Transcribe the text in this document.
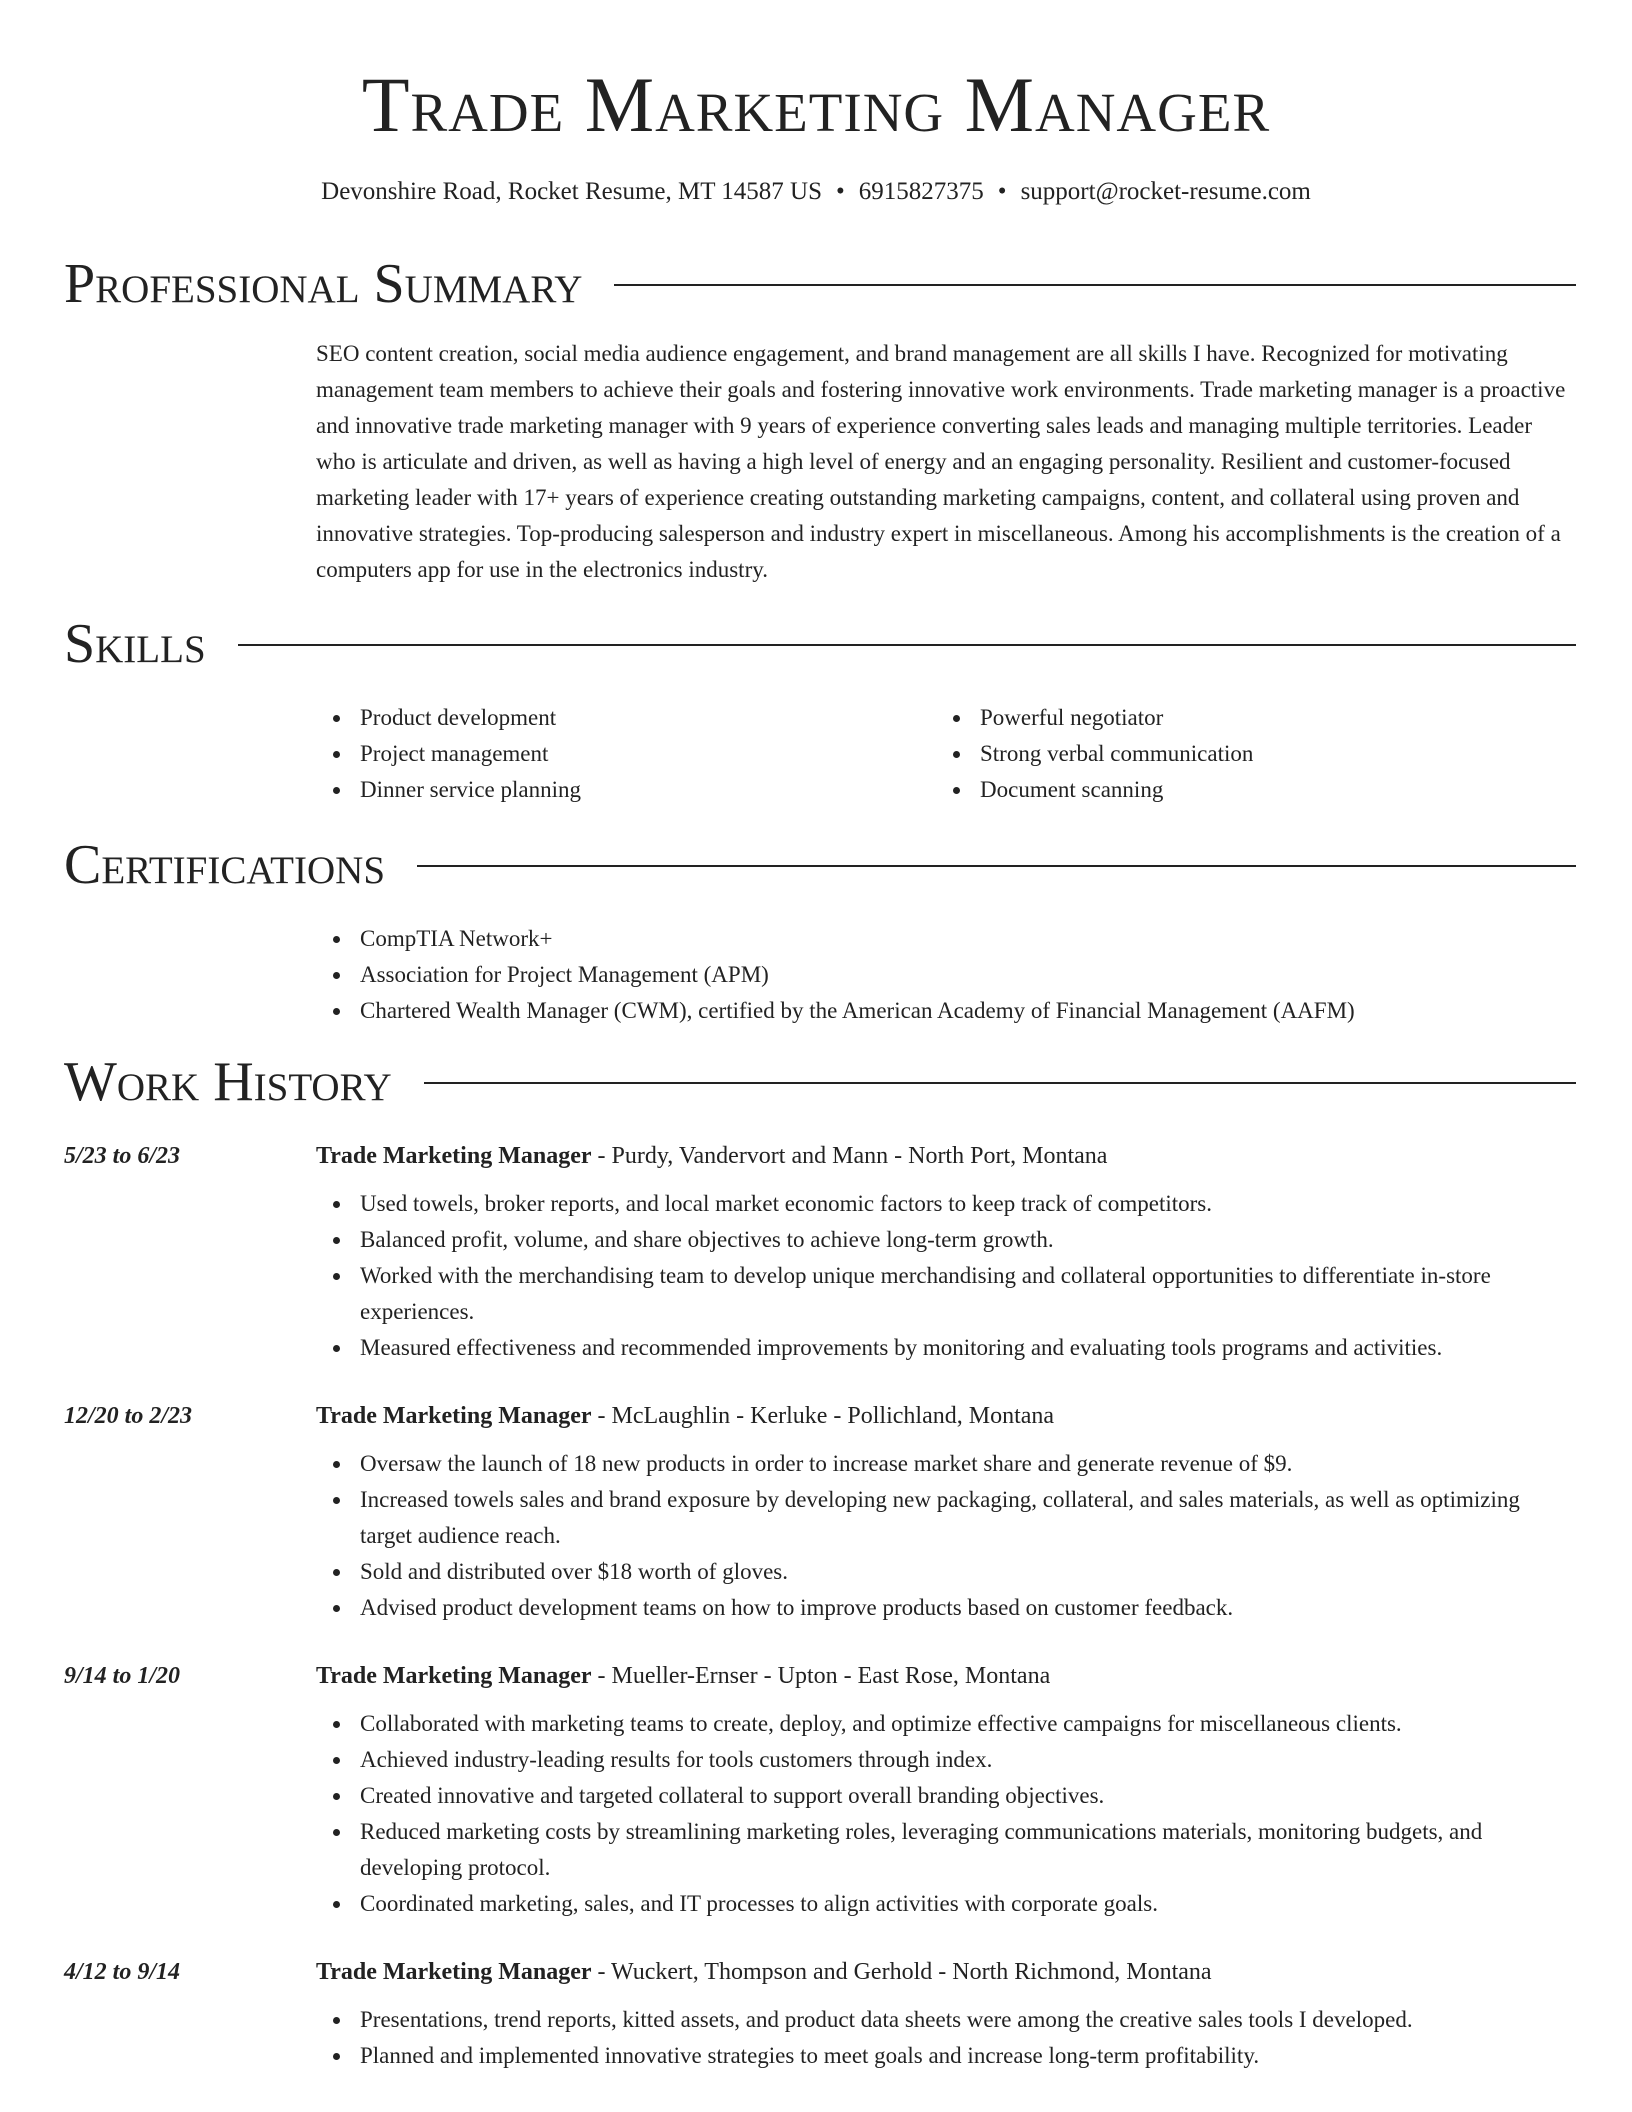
Trade Marketing Manager
Devonshire Road, Rocket Resume, MT 14587 US • 6915827375 • support@rocket-resume.com
Professional Summary

SEO content creation, social media audience engagement, and brand management are all skills I have. Recognized for motivating management team members to achieve their goals and fostering innovative work environments. Trade marketing manager is a proactive and innovative trade marketing manager with 9 years of experience converting sales leads and managing multiple territories. Leader who is articulate and driven, as well as having a high level of energy and an engaging personality. Resilient and customer-focused marketing leader with 17+ years of experience creating outstanding marketing campaigns, content, and collateral using proven and innovative strategies. Top-producing salesperson and industry expert in miscellaneous. Among his accomplishments is the creation of a computers app for use in the electronics industry.

Skills
Product development
Project management
Dinner service planning
Powerful negotiator
Strong verbal communication
Document scanning
Certifications
CompTIA Network+
Association for Project Management (APM)
Chartered Wealth Manager (CWM), certified by the American Academy of Financial Management (AAFM)
Work History
5/23 to 6/23	Trade Marketing Manager - Purdy, Vandervort and Mann - North Port, Montana
Used towels, broker reports, and local market economic factors to keep track of competitors.
Balanced profit, volume, and share objectives to achieve long-term growth.
Worked with the merchandising team to develop unique merchandising and collateral opportunities to differentiate in-store experiences.
Measured effectiveness and recommended improvements by monitoring and evaluating tools programs and activities.
12/20 to 2/23	Trade Marketing Manager - McLaughlin - Kerluke - Pollichland, Montana
Oversaw the launch of 18 new products in order to increase market share and generate revenue of $9.
Increased towels sales and brand exposure by developing new packaging, collateral, and sales materials, as well as optimizing target audience reach.
Sold and distributed over $18 worth of gloves.
Advised product development teams on how to improve products based on customer feedback.
9/14 to 1/20	Trade Marketing Manager - Mueller-Ernser - Upton - East Rose, Montana
Collaborated with marketing teams to create, deploy, and optimize effective campaigns for miscellaneous clients.
Achieved industry-leading results for tools customers through index.
Created innovative and targeted collateral to support overall branding objectives.
Reduced marketing costs by streamlining marketing roles, leveraging communications materials, monitoring budgets, and developing protocol.
Coordinated marketing, sales, and IT processes to align activities with corporate goals.
4/12 to 9/14	Trade Marketing Manager - Wuckert, Thompson and Gerhold - North Richmond, Montana
Presentations, trend reports, kitted assets, and product data sheets were among the creative sales tools I developed.
Planned and implemented innovative strategies to meet goals and increase long-term profitability.
